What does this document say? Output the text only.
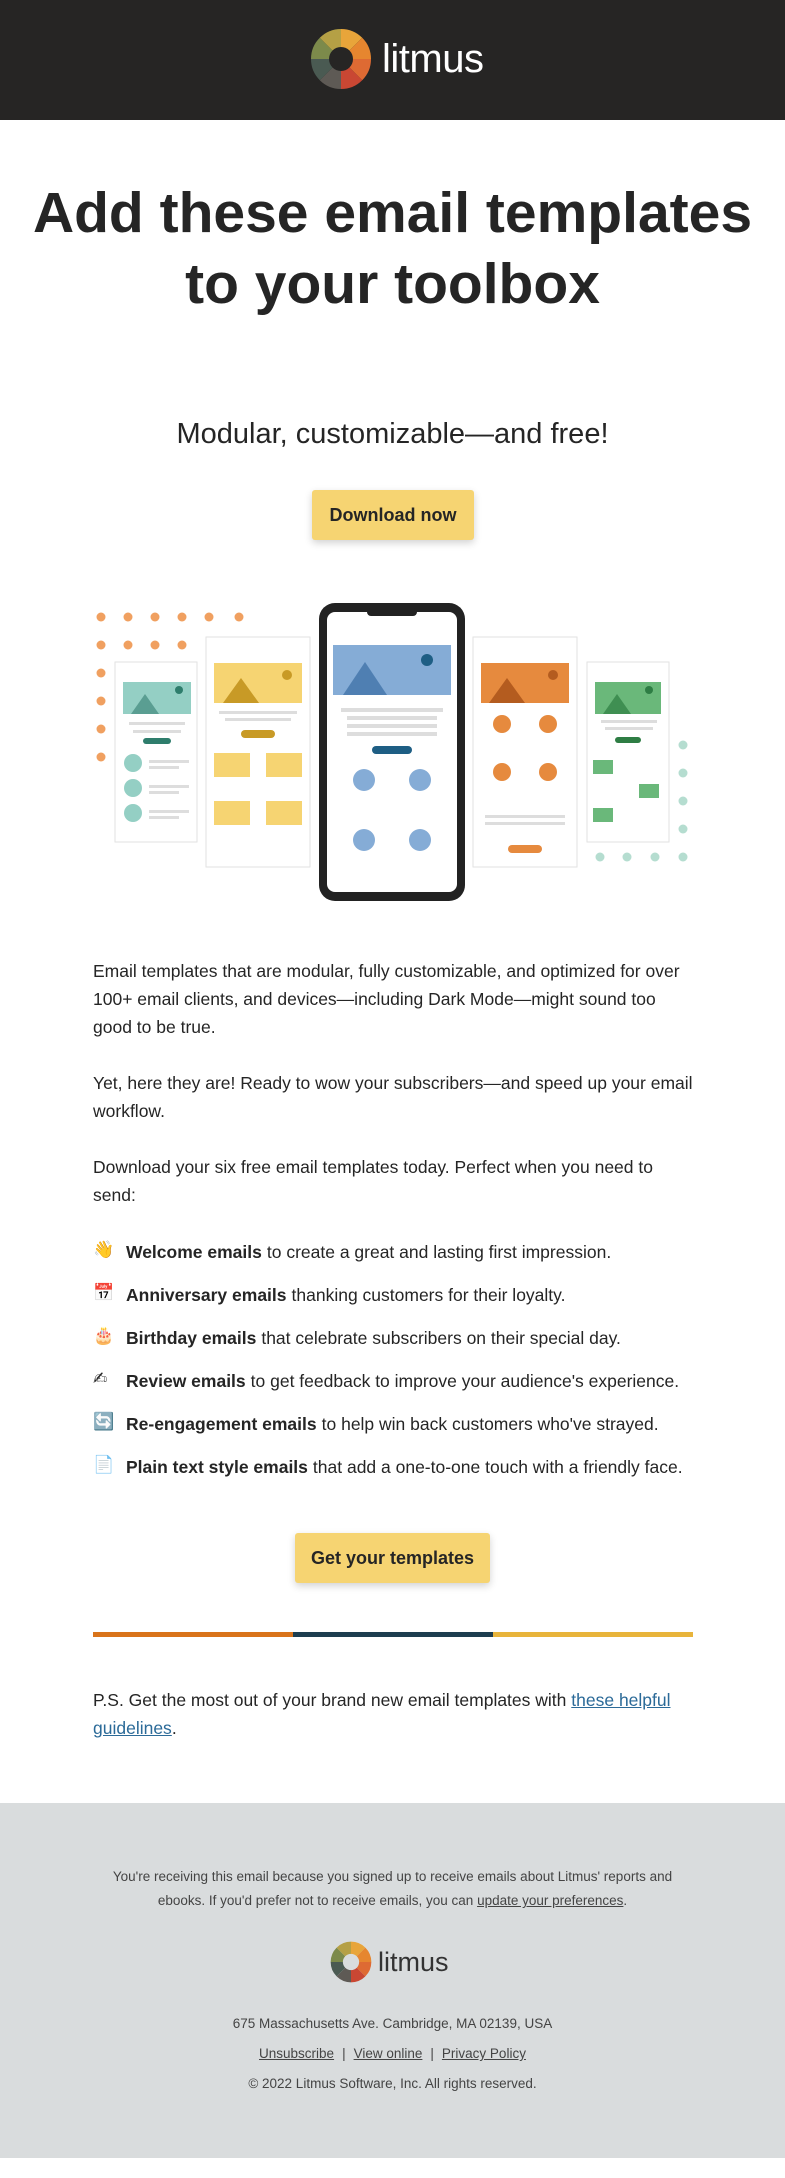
litmus
Add these email templates to your toolbox
Modular, customizable—and free!
Download now

Email templates that are modular, fully customizable, and optimized for over 100+ email clients, and devices—including Dark Mode—might sound too good to be true.

Yet, here they are! Ready to wow your subscribers—and speed up your email workflow.

Download your six free email templates today. Perfect when you need to send:

👋 Welcome emails to create a great and lasting first impression.
📅 Anniversary emails thanking customers for their loyalty.
🎂 Birthday emails that celebrate subscribers on their special day.
✍	Review emails to get feedback to improve your audience's experience.
🔄 Re-engagement emails to help win back customers who've strayed.
📄 Plain text style emails that add a one-to-one touch with a friendly face.
Get your templates

P.S. Get the most out of your brand new email templates with these helpful guidelines.

You're receiving this email because you signed up to receive emails about Litmus' reports and ebooks. If you'd prefer not to receive emails, you can update your preferences.

litmus
675 Massachusetts Ave. Cambridge, MA 02139, USA
Unsubscribe | View online | Privacy Policy
© 2022 Litmus Software, Inc. All rights reserved.
